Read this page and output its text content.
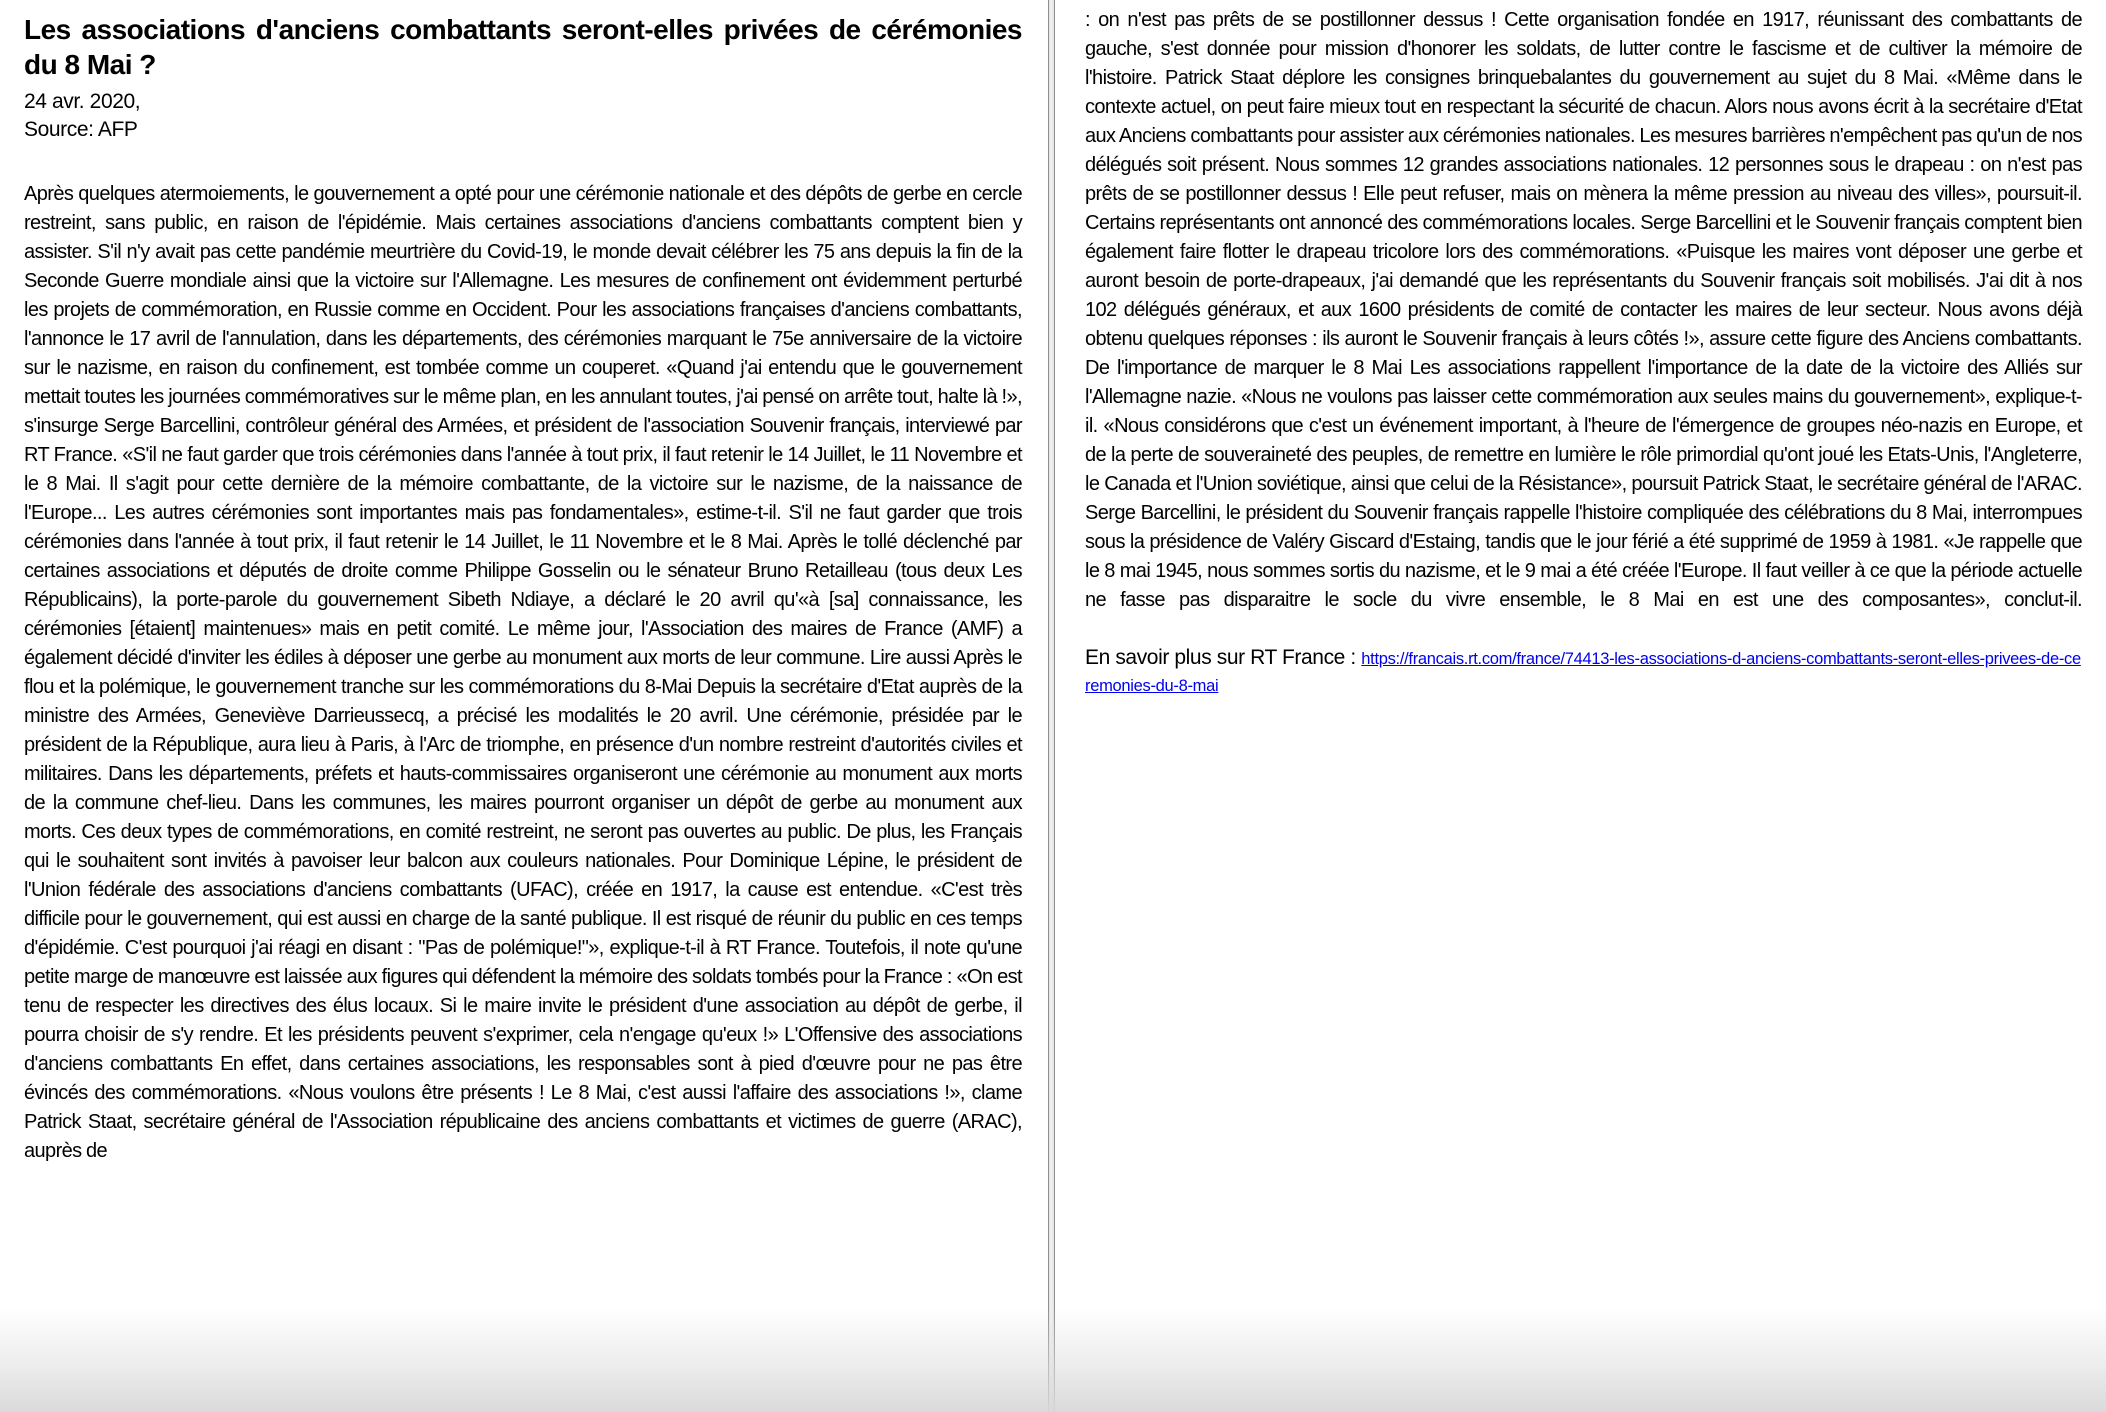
Les associations d'anciens combattants seront-elles privées de cérémonies du 8 Mai ?

24 avr. 2020,

Source: AFP

Après quelques atermoiements, le gouvernement a opté pour une cérémonie nationale et des dépôts de gerbe en cercle restreint, sans public, en raison de l'épidémie. Mais certaines associations d'anciens combattants comptent bien y assister. S'il n'y avait pas cette pandémie meurtrière du Covid-19, le monde devait célébrer les 75 ans depuis la fin de la Seconde Guerre mondiale ainsi que la victoire sur l'Allemagne. Les mesures de confinement ont évidemment perturbé les projets de commémoration, en Russie comme en Occident. Pour les associations françaises d'anciens combattants, l'annonce le 17 avril de l'annulation, dans les départements, des cérémonies marquant le 75e anniversaire de la victoire sur le nazisme, en raison du confinement, est tombée comme un couperet. «Quand j'ai entendu que le gouvernement mettait toutes les journées commémoratives sur le même plan, en les annulant toutes, j'ai pensé on arrête tout, halte là !», s'insurge Serge Barcellini, contrôleur général des Armées, et président de l'association Souvenir français, interviewé par RT France. «S'il ne faut garder que trois cérémonies dans l'année à tout prix, il faut retenir le 14 Juillet, le 11 Novembre et le 8 Mai. Il s'agit pour cette dernière de la mémoire combattante, de la victoire sur le nazisme, de la naissance de l'Europe... Les autres cérémonies sont importantes mais pas fondamentales», estime-t-il. S'il ne faut garder que trois cérémonies dans l'année à tout prix, il faut retenir le 14 Juillet, le 11 Novembre et le 8 Mai. Après le tollé déclenché par certaines associations et députés de droite comme Philippe Gosselin ou le sénateur Bruno Retailleau (tous deux Les Républicains), la porte-parole du gouvernement Sibeth Ndiaye, a déclaré le 20 avril qu'«à [sa] connaissance, les cérémonies [étaient] maintenues» mais en petit comité. Le même jour, l'Association des maires de France (AMF) a également décidé d'inviter les édiles à déposer une gerbe au monument aux morts de leur commune. Lire aussi Après le flou et la polémique, le gouvernement tranche sur les commémorations du 8-Mai Depuis la secrétaire d'Etat auprès de la ministre des Armées, Geneviève Darrieussecq, a précisé les modalités le 20 avril. Une cérémonie, présidée par le président de la République, aura lieu à Paris, à l'Arc de triomphe, en présence d'un nombre restreint d'autorités civiles et militaires. Dans les départements, préfets et hauts-commissaires organiseront une cérémonie au monument aux morts de la commune chef-lieu. Dans les communes, les maires pourront organiser un dépôt de gerbe au monument aux morts. Ces deux types de commémorations, en comité restreint, ne seront pas ouvertes au public. De plus, les Français qui le souhaitent sont invités à pavoiser leur balcon aux couleurs nationales. Pour Dominique Lépine, le président de l'Union fédérale des associations d'anciens combattants (UFAC), créée en 1917, la cause est entendue. «C'est très difficile pour le gouvernement, qui est aussi en charge de la santé publique. Il est risqué de réunir du public en ces temps d'épidémie. C'est pourquoi j'ai réagi en disant : "Pas de polémique!"», explique-t-il à RT France. Toutefois, il note qu'une petite marge de manœuvre est laissée aux figures qui défendent la mémoire des soldats tombés pour la France : «On est tenu de respecter les directives des élus locaux. Si le maire invite le président d'une association au dépôt de gerbe, il pourra choisir de s'y rendre. Et les présidents peuvent s'exprimer, cela n'engage qu'eux !» L'Offensive des associations d'anciens combattants En effet, dans certaines associations, les responsables sont à pied d'œuvre pour ne pas être évincés des commémorations. «Nous voulons être présents ! Le 8 Mai, c'est aussi l'affaire des associations !», clame Patrick Staat, secrétaire général de l'Association républicaine des anciens combattants et victimes de guerre (ARAC), auprès de

: on n'est pas prêts de se postillonner dessus ! Cette organisation fondée en 1917, réunissant des combattants de gauche, s'est donnée pour mission d'honorer les soldats, de lutter contre le fascisme et de cultiver la mémoire de l'histoire. Patrick Staat déplore les consignes brinquebalantes du gouvernement au sujet du 8 Mai. «Même dans le contexte actuel, on peut faire mieux tout en respectant la sécurité de chacun. Alors nous avons écrit à la secrétaire d'Etat aux Anciens combattants pour assister aux cérémonies nationales. Les mesures barrières n'empêchent pas qu'un de nos délégués soit présent. Nous sommes 12 grandes associations nationales. 12 personnes sous le drapeau : on n'est pas prêts de se postillonner dessus ! Elle peut refuser, mais on mènera la même pression au niveau des villes», poursuit-il. Certains représentants ont annoncé des commémorations locales. Serge Barcellini et le Souvenir français comptent bien également faire flotter le drapeau tricolore lors des commémorations. «Puisque les maires vont déposer une gerbe et auront besoin de porte-drapeaux, j'ai demandé que les représentants du Souvenir français soit mobilisés. J'ai dit à nos 102 délégués généraux, et aux 1600 présidents de comité de contacter les maires de leur secteur. Nous avons déjà obtenu quelques réponses : ils auront le Souvenir français à leurs côtés !», assure cette figure des Anciens combattants. De l'importance de marquer le 8 Mai Les associations rappellent l'importance de la date de la victoire des Alliés sur l'Allemagne nazie. «Nous ne voulons pas laisser cette commémoration aux seules mains du gouvernement», explique-t-il. «Nous considérons que c'est un événement important, à l'heure de l'émergence de groupes néo-nazis en Europe, et de la perte de souveraineté des peuples, de remettre en lumière le rôle primordial qu'ont joué les Etats-Unis, l'Angleterre, le Canada et l'Union soviétique, ainsi que celui de la Résistance», poursuit Patrick Staat, le secrétaire général de l'ARAC. Serge Barcellini, le président du Souvenir français rappelle l'histoire compliquée des célébrations du 8 Mai, interrompues sous la présidence de Valéry Giscard d'Estaing, tandis que le jour férié a été supprimé de 1959 à 1981. «Je rappelle que le 8 mai 1945, nous sommes sortis du nazisme, et le 9 mai a été créée l'Europe. Il faut veiller à ce que la période actuelle ne fasse pas disparaitre le socle du vivre ensemble, le 8 Mai en est une des composantes», conclut-il.

En savoir plus sur RT France : https://francais.rt.com/france/74413-les-associations-d-anciens-combattants-seront-elles-privees-de-ceremonies-du-8-mai
